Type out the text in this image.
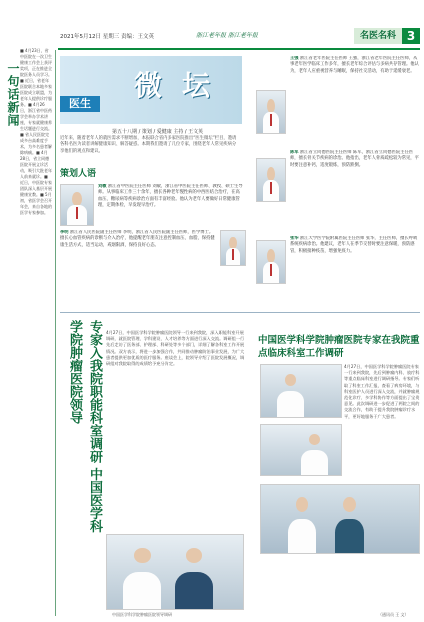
2021年5月12日 星期三 责编：王文英	浙江老年报 浙江老年报	名医名科 3
一句话新闻
■ 4月23日，省中医院在一次卫生健康工作会上获评奖项，正在推进全院医务人员学习。■ 近日，省老年医院联合本地多家医院成立联盟，为老年人提供诊疗服务。■ 4月26日，浙江省中医药学会举办学术讲座，专家就健康养生话题进行交流。■ 省人民医院完成多台高难度手术，为多名患者解除病痛。■ 4月28日，省立同德医院开展义诊活动，吸引大批老年人前来就诊。■ 近日，中医院专家团队深入基层开展健康宣教。■ 5月初，省医学会召开年会，来自各地的医学专家参加。
微坛
医生
第五十八期 / 策划 / 爱健康 主持 / 王文英
近年来，随着老年人的就医需求不断增加，本报联合省内多家医院推出“医生微坛”栏目，邀请各科名医为读者讲解健康知识、解答疑惑。本期我们邀请了几位专家，围绕老年人常见疾病分享他们的观点和建议。
策划人语
刘敏 浙江省中医院主任医师 刘敏，浙江省中医院主任医师、教授、硕士生导师。从事临床工作三十余年，擅长各种老年慢性病的中西医结合治疗，在高血压、糖尿病等疾病诊治方面有丰富经验。他认为老年人要做好日常健康管理，定期体检，早发现早治疗。
李明 浙江省人民医院副主任医师 李明，浙江省人民医院副主任医师，医学博士。擅长心血管疾病的诊断与介入治疗，他提醒老年朋友注意控制血压、血脂，保持健康生活方式，适当运动，戒烟限酒，保持良好心态。
王强 浙江省老年医院主任医师 王强，浙江省老年医院主任医师，从事老年医学临床工作多年，擅长老年综合评估与多病共存管理。他认为，老年人应重视营养与睡眠，保持社交活动，有助于延缓衰老。
陈军 浙江省立同德医院主任医师 陈军，浙江省立同德医院主任医师，擅长骨关节疾病的诊治。他指出，老年人骨质疏松较为常见，平时要注意补钙，适度锻炼，预防跌倒。
张华 浙江大学医学院附属医院主任医师 张华，主任医师，擅长呼吸系统疾病诊治。他建议，老年人在季节交替时要注意保暖，预防感冒，积极接种疫苗，增强免疫力。
专家入我院职能科室调研 中国医学科学院肿瘤医院领导	4月27日，中国医学科学院肿瘤医院领导一行来到我院，深入职能科室开展调研，就医院管理、学科建设、人才培养等方面进行深入交流。调研组一行先后走访了医务部、护理部、科研处等多个部门，详细了解各科室工作开展情况。双方表示，将进一步加强合作，共同推动肿瘤防治事业发展，为广大患者提供更加优质的医疗服务。座谈会上，院领导介绍了医院发展概况，调研组对我院取得的成绩给予充分肯定。
中国医学科学院肿瘤医院领导调研
中国医学科学院肿瘤医院专家在我院重点临床科室工作调研
4月27日，中国医学科学院肿瘤医院专家一行来到我院，先后到肿瘤内科、放疗科等重点临床科室进行调研指导。专家们听取了科室工作汇报，查看了病房环境，与科室医护人员进行深入交流，并就肿瘤规范化诊疗、多学科协作等方面提出了宝贵意见。此次调研进一步促进了两院之间的交流合作，有助于提升我院肿瘤诊疗水平，更好地服务于广大患者。
（通讯员 王 文）
